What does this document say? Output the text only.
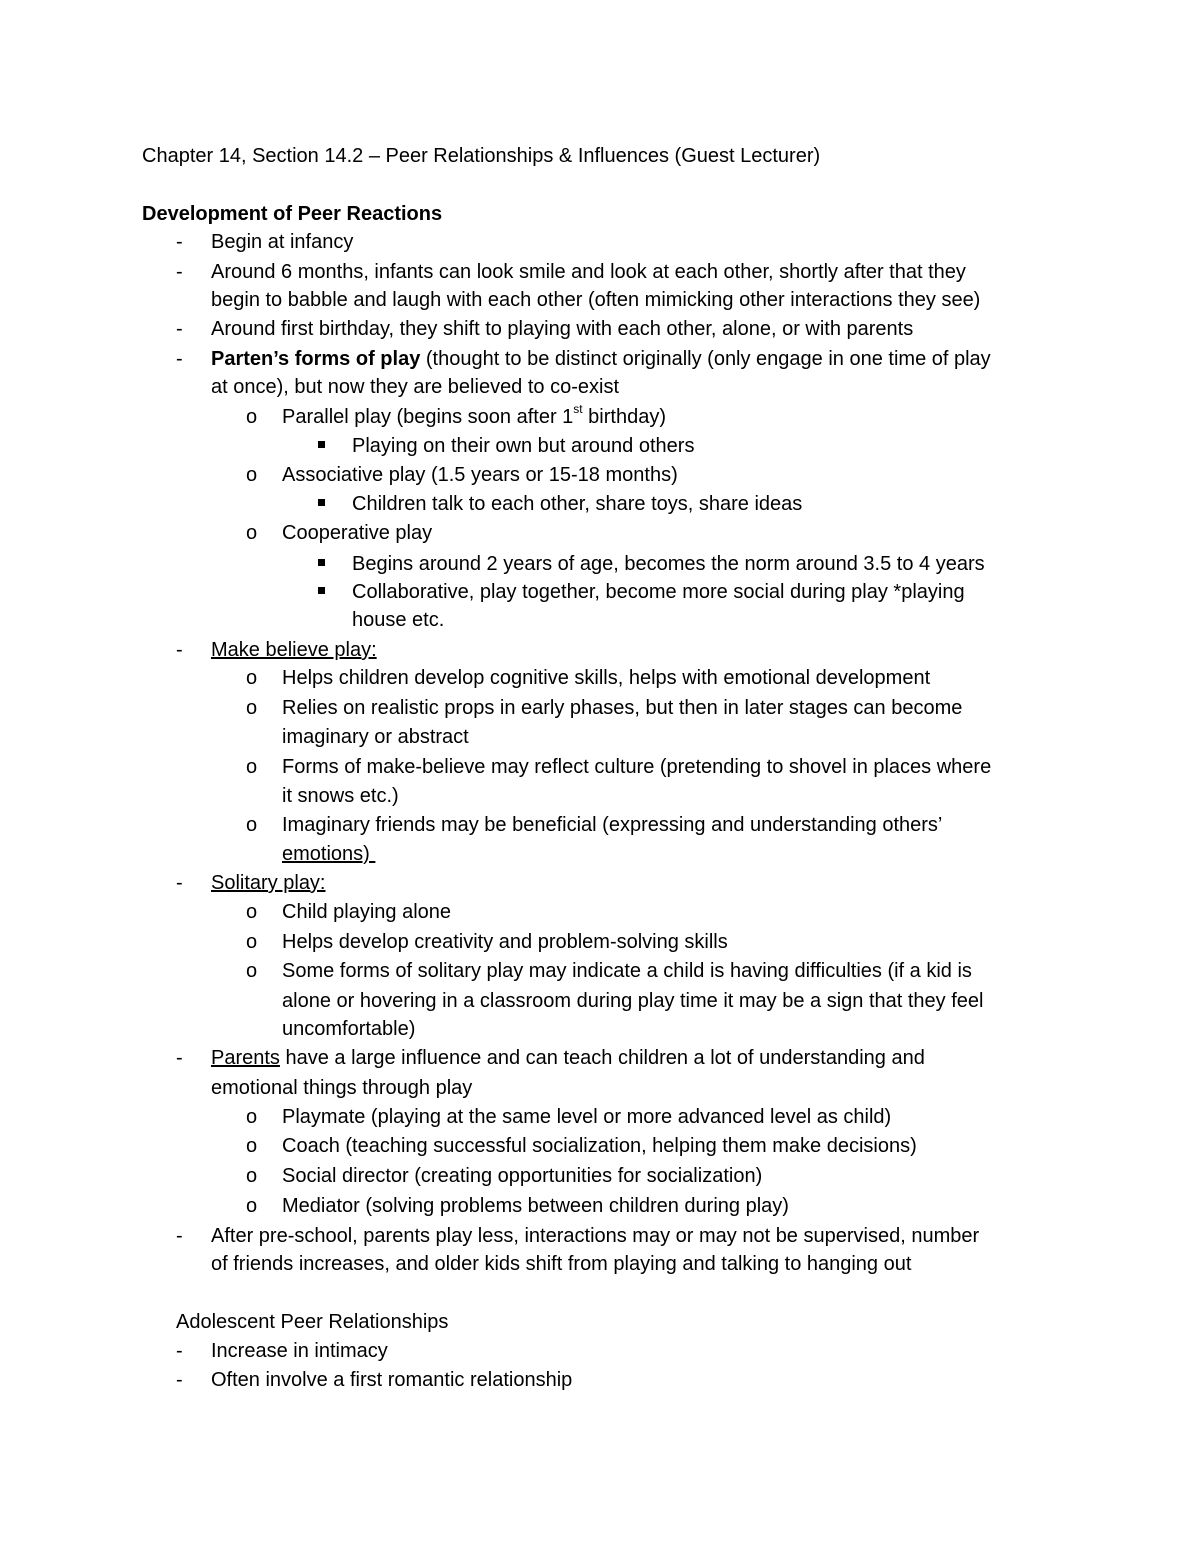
Chapter 14, Section 14.2 – Peer Relationships & Influences (Guest Lecturer)
Development of Peer Reactions
- Begin at infancy
- Around 6 months, infants can look smile and look at each other, shortly after that they
begin to babble and laugh with each other (often mimicking other interactions they see)
- Around first birthday, they shift to playing with each other, alone, or with parents
- Parten’s forms of play (thought to be distinct originally (only engage in one time of play
at once), but now they are believed to co-exist
o Parallel play (begins soon after 1st birthday)
Playing on their own but around others
o Associative play (1.5 years or 15-18 months)
Children talk to each other, share toys, share ideas
o Cooperative play
Begins around 2 years of age, becomes the norm around 3.5 to 4 years
Collaborative, play together, become more social during play *playing
house etc.
- Make believe play:
o Helps children develop cognitive skills, helps with emotional development
o Relies on realistic props in early phases, but then in later stages can become
imaginary or abstract
o Forms of make-believe may reflect culture (pretending to shovel in places where
it snows etc.)
o Imaginary friends may be beneficial (expressing and understanding others’
emotions)
- Solitary play:
o Child playing alone
o Helps develop creativity and problem-solving skills
o Some forms of solitary play may indicate a child is having difficulties (if a kid is
alone or hovering in a classroom during play time it may be a sign that they feel
uncomfortable)
- Parents have a large influence and can teach children a lot of understanding and
emotional things through play
o Playmate (playing at the same level or more advanced level as child)
o Coach (teaching successful socialization, helping them make decisions)
o Social director (creating opportunities for socialization)
o Mediator (solving problems between children during play)
- After pre-school, parents play less, interactions may or may not be supervised, number
of friends increases, and older kids shift from playing and talking to hanging out
Adolescent Peer Relationships
- Increase in intimacy
- Often involve a first romantic relationship
